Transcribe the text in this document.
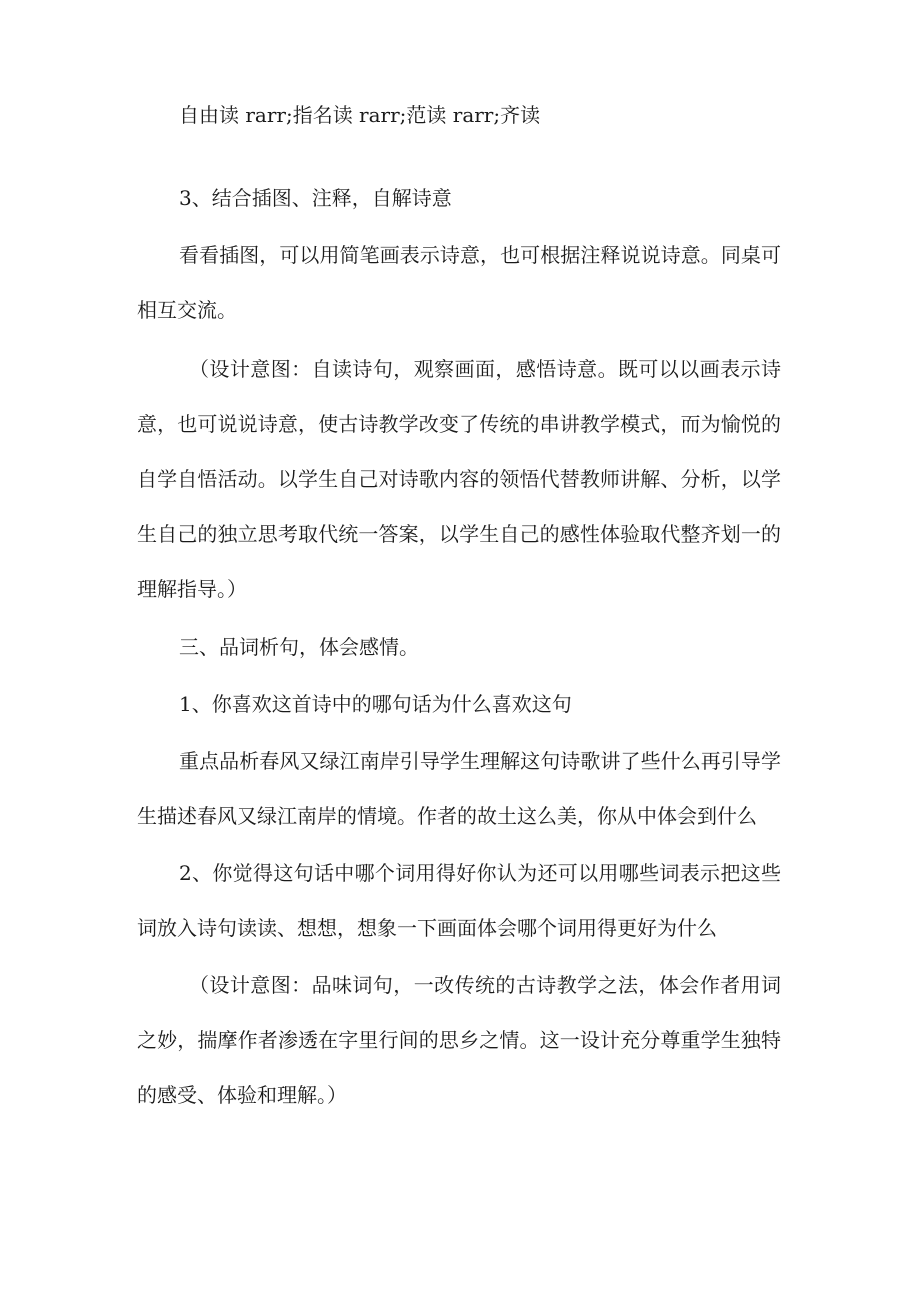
自由读 rarr;指名读 rarr;范读 rarr;齐读

3、结合插图、注释，自解诗意

看看插图，可以用简笔画表示诗意，也可根据注释说说诗意。同桌可相互交流。

（设计意图：自读诗句，观察画面，感悟诗意。既可以以画表示诗意，也可说说诗意，使古诗教学改变了传统的串讲教学模式，而为愉悦的自学自悟活动。以学生自己对诗歌内容的领悟代替教师讲解、分析，以学生自己的独立思考取代统一答案，以学生自己的感性体验取代整齐划一的理解指导。）

三、品词析句，体会感情。

1、你喜欢这首诗中的哪句话为什么喜欢这句

重点品析春风又绿江南岸引导学生理解这句诗歌讲了些什么再引导学生描述春风又绿江南岸的情境。作者的故土这么美，你从中体会到什么

2、你觉得这句话中哪个词用得好你认为还可以用哪些词表示把这些词放入诗句读读、想想，想象一下画面体会哪个词用得更好为什么

（设计意图：品味词句，一改传统的古诗教学之法，体会作者用词之妙，揣摩作者渗透在字里行间的思乡之情。这一设计充分尊重学生独特的感受、体验和理解。）
